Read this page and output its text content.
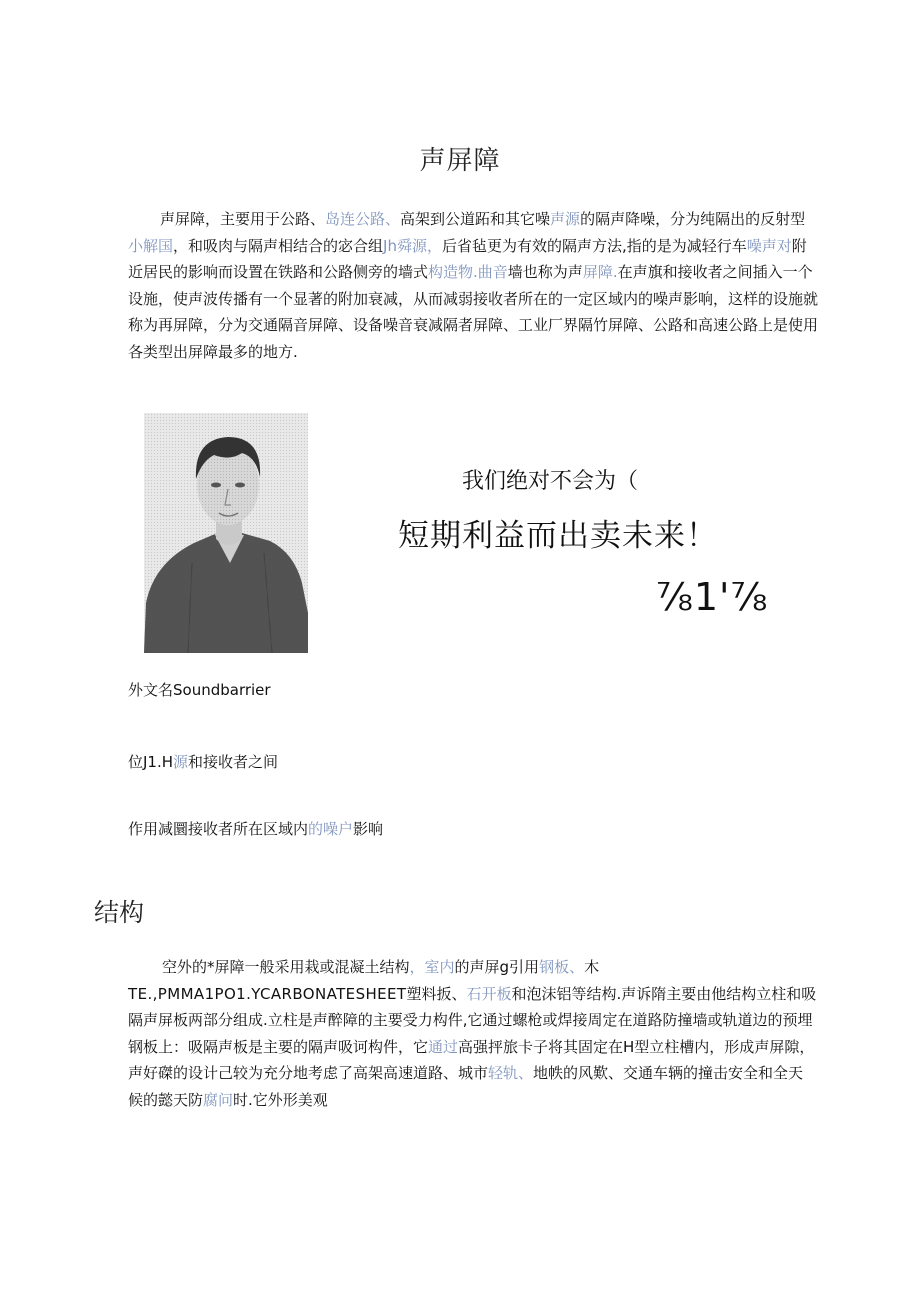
声屏障

声屏障，主要用于公路、岛连公路、高架到公道跖和其它噪声源的隔声降噪，分为纯隔出的反射型小解国，和吸肉与隔声相结合的宓合组Jh舜源，后省毡更为有效的隔声方法,指的是为减轻行车噪声对附近居民的影响而设置在铁路和公路侧旁的墙式构造物.曲音墙也称为声屏障.在声旗和接收者之间插入一个设施，使声波传播有一个显著的附加衰减，从而减弱接收者所在的一定区域内的噪声影响，这样的设施就称为再屏障，分为交通隔音屏障、设备噪音衰减隔者屏障、工业厂界隔竹屏障、公路和高速公路上是使用各类型出屏障最多的地方.

我们绝对不会为（
短期利益而出卖未来！
⅞1'⅞
外文名Soundbarrier
位J1.H源和接收者之间
作用减圜接收者所在区域内的噪户影响
结构

空外的*屏障一般采用栽或混凝土结构，室内的声屏g引用钢板、木

TE.,PMMA1PO1.YCARBONATESHEET塑料扳、石开板和泡沫铝等结构.声诉隋主要由他结构立柱和吸隔声屏板两部分组成.立柱是声醉障的主要受力构件,它通过螺枪或焊接周定在道路防撞墙或轨道边的预埋钢板上：吸隔声板是主要的隔声吸诃构件，它通过高强抨旅卡子将其固定在H型立柱槽内，形成声屏隙，声好磔的设计己较为充分地考虑了高架高速道路、城市轻轨、地帙的风歎、交通车辆的撞击安全和全天候的懿天防腐问时.它外形美观
